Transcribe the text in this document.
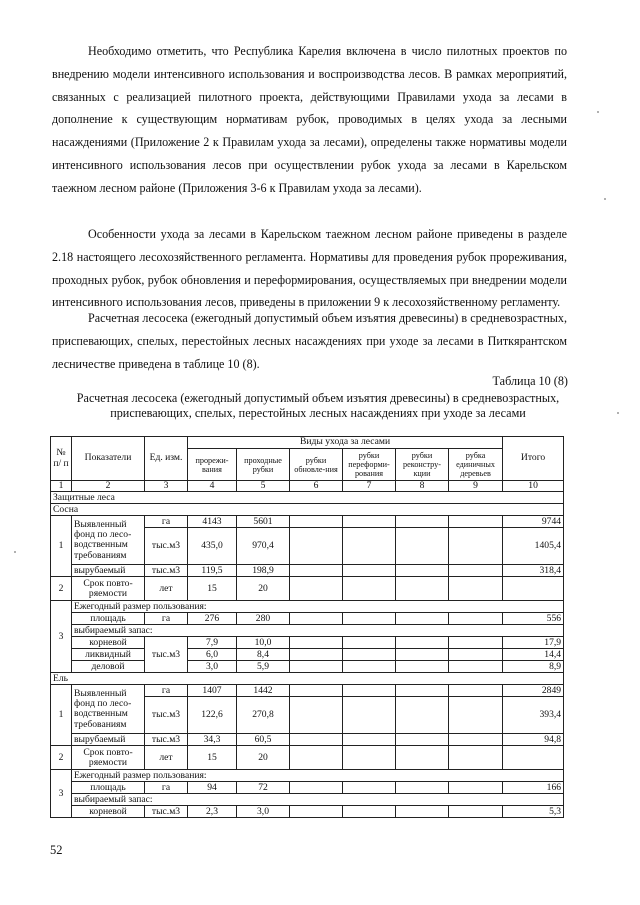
Необходимо отметить, что Республика Карелия включена в число пилотных проектов по внедрению модели интенсивного использования и воспроизводства лесов. В рамках мероприятий, связанных с реализацией пилотного проекта, действующими Правилами ухода за лесами в дополнение к существующим нормативам рубок, проводимых в целях ухода за лесными насаждениями (Приложение 2 к Правилам ухода за лесами), определены также нормативы модели интенсивного использования лесов при осуществлении рубок ухода за лесами в Карельском таежном лесном районе (Приложения 3-6 к Правилам ухода за лесами).

Особенности ухода за лесами в Карельском таежном лесном районе приведены в разделе 2.18 настоящего лесохозяйственного регламента. Нормативы для проведения рубок прореживания, проходных рубок, рубок обновления и переформирования, осуществляемых при внедрении модели интенсивного использования лесов, приведены в приложении 9 к лесохозяйственному регламенту.

Расчетная лесосека (ежегодный допустимый объем изъятия древесины) в средневозрастных, приспевающих, спелых, перестойных лесных насаждениях при уходе за лесами в Питкярантском лесничестве приведена в таблице 10 (8).

Таблица 10 (8)

Расчетная лесосека (ежегодный допустимый объем изъятия древесины) в средневозрастных, приспевающих, спелых, перестойных лесных насаждениях при уходе за лесами

№ п/ п	Показатели	Ед. изм.	Виды ухода за лесами						Итого
			прорежи-вания	проходные рубки	рубки обновле-ния	рубки переформи-рования	рубки реконстру-кции	рубка единичных деревьев	
1	2	3	4	5	6	7	8	9	10
Защитные леса									
Сосна									
1	Выявленный фонд по лесо-водственным требованиям	га	4143	5601					9744
		тыс.м3	435,0	970,4					1405,4
	вырубаемый	тыс.м3	119,5	198,9					318,4
2	Срок повто-ряемости	лет	15	20					
3	Ежегодный размер пользования:								
	площадь	га	276	280					556
	выбираемый запас:								
	корневой	тыс.м3	7,9	10,0					17,9
	ликвидный		6,0	8,4					14,4
	деловой		3,0	5,9					8,9
Ель									
1	Выявленный фонд по лесо-водственным требованиям	га	1407	1442					2849
		тыс.м3	122,6	270,8					393,4
	вырубаемый	тыс.м3	34,3	60,5					94,8
2	Срок повто-ряемости	лет	15	20					
3	Ежегодный размер пользования:								
	площадь	га	94	72					166
	выбираемый запас:								
	корневой	тыс.м3	2,3	3,0					5,3
52
